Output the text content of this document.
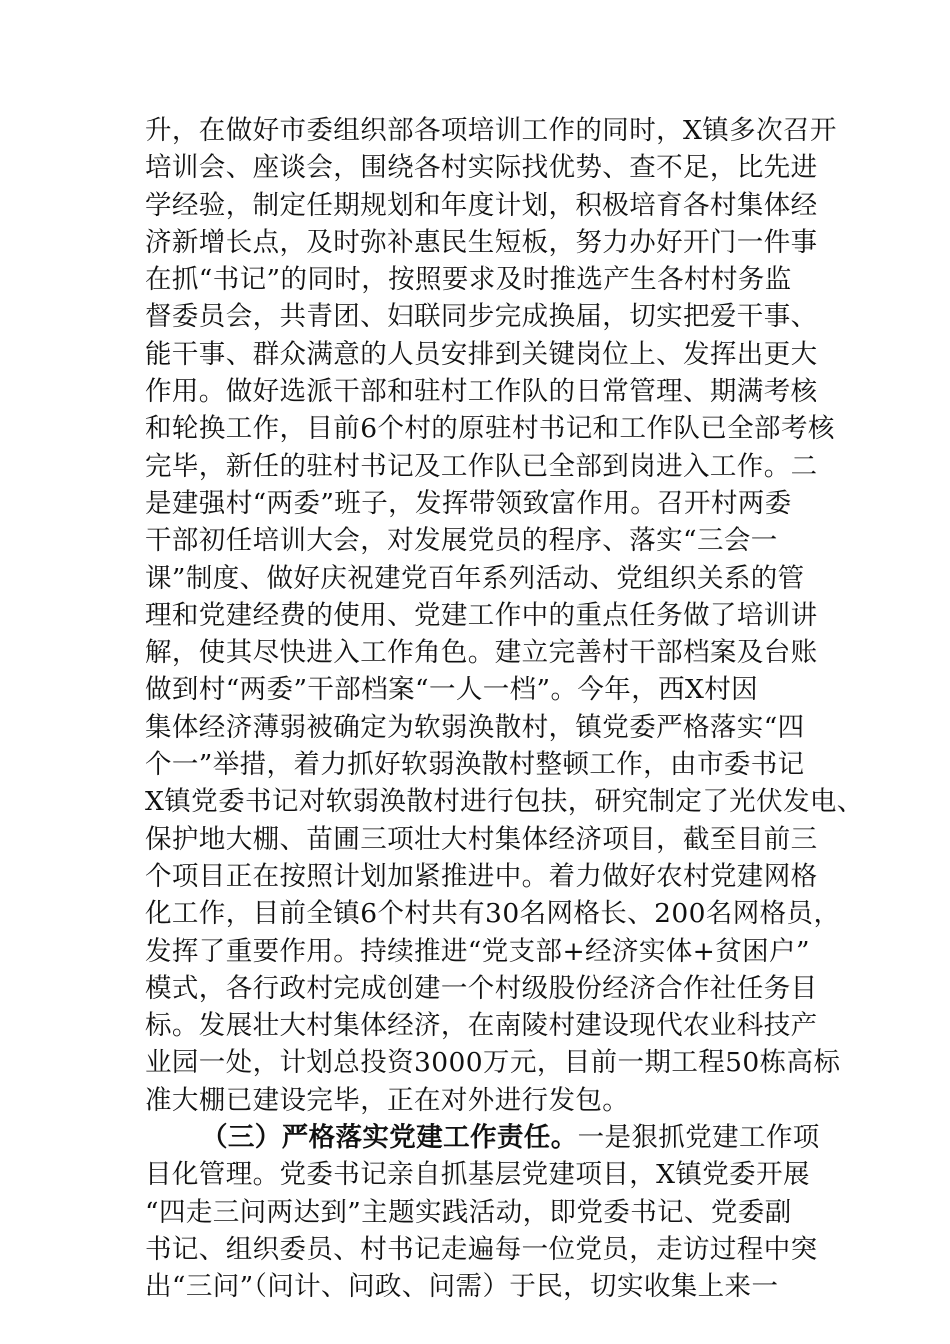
升，在做好市委组织部各项培训工作的同时，X镇多次召开
培训会、座谈会，围绕各村实际找优势、查不足，比先进
学经验，制定任期规划和年度计划，积极培育各村集体经
济新增长点，及时弥补惠民生短板，努力办好开门一件事
在抓“书记”的同时，按照要求及时推选产生各村村务监
督委员会，共青团、妇联同步完成换届，切实把爱干事、
能干事、群众满意的人员安排到关键岗位上、发挥出更大
作用。做好选派干部和驻村工作队的日常管理、期满考核
和轮换工作，目前6个村的原驻村书记和工作队已全部考核
完毕，新任的驻村书记及工作队已全部到岗进入工作。二
是建强村“两委”班子，发挥带领致富作用。召开村两委
干部初任培训大会，对发展党员的程序、落实“三会一
课”制度、做好庆祝建党百年系列活动、党组织关系的管
理和党建经费的使用、党建工作中的重点任务做了培训讲
解，使其尽快进入工作角色。建立完善村干部档案及台账
做到村“两委”干部档案“一人一档”。今年，西X村因
集体经济薄弱被确定为软弱涣散村，镇党委严格落实“四
个一”举措，着力抓好软弱涣散村整顿工作，由市委书记
X镇党委书记对软弱涣散村进行包扶，研究制定了光伏发电、
保护地大棚、苗圃三项壮大村集体经济项目，截至目前三
个项目正在按照计划加紧推进中。着力做好农村党建网格
化工作，目前全镇6个村共有30名网格长、200名网格员，
发挥了重要作用。持续推进“党支部+经济实体+贫困户”
模式，各行政村完成创建一个村级股份经济合作社任务目
标。发展壮大村集体经济，在南陵村建设现代农业科技产
业园一处，计划总投资3000万元，目前一期工程50栋高标
准大棚已建设完毕，正在对外进行发包。
（三）严格落实党建工作责任。一是狠抓党建工作项
目化管理。党委书记亲自抓基层党建项目，X镇党委开展
“四走三问两达到”主题实践活动，即党委书记、党委副
书记、组织委员、村书记走遍每一位党员，走访过程中突
出“三问”（问计、问政、问需）于民，切实收集上来一
